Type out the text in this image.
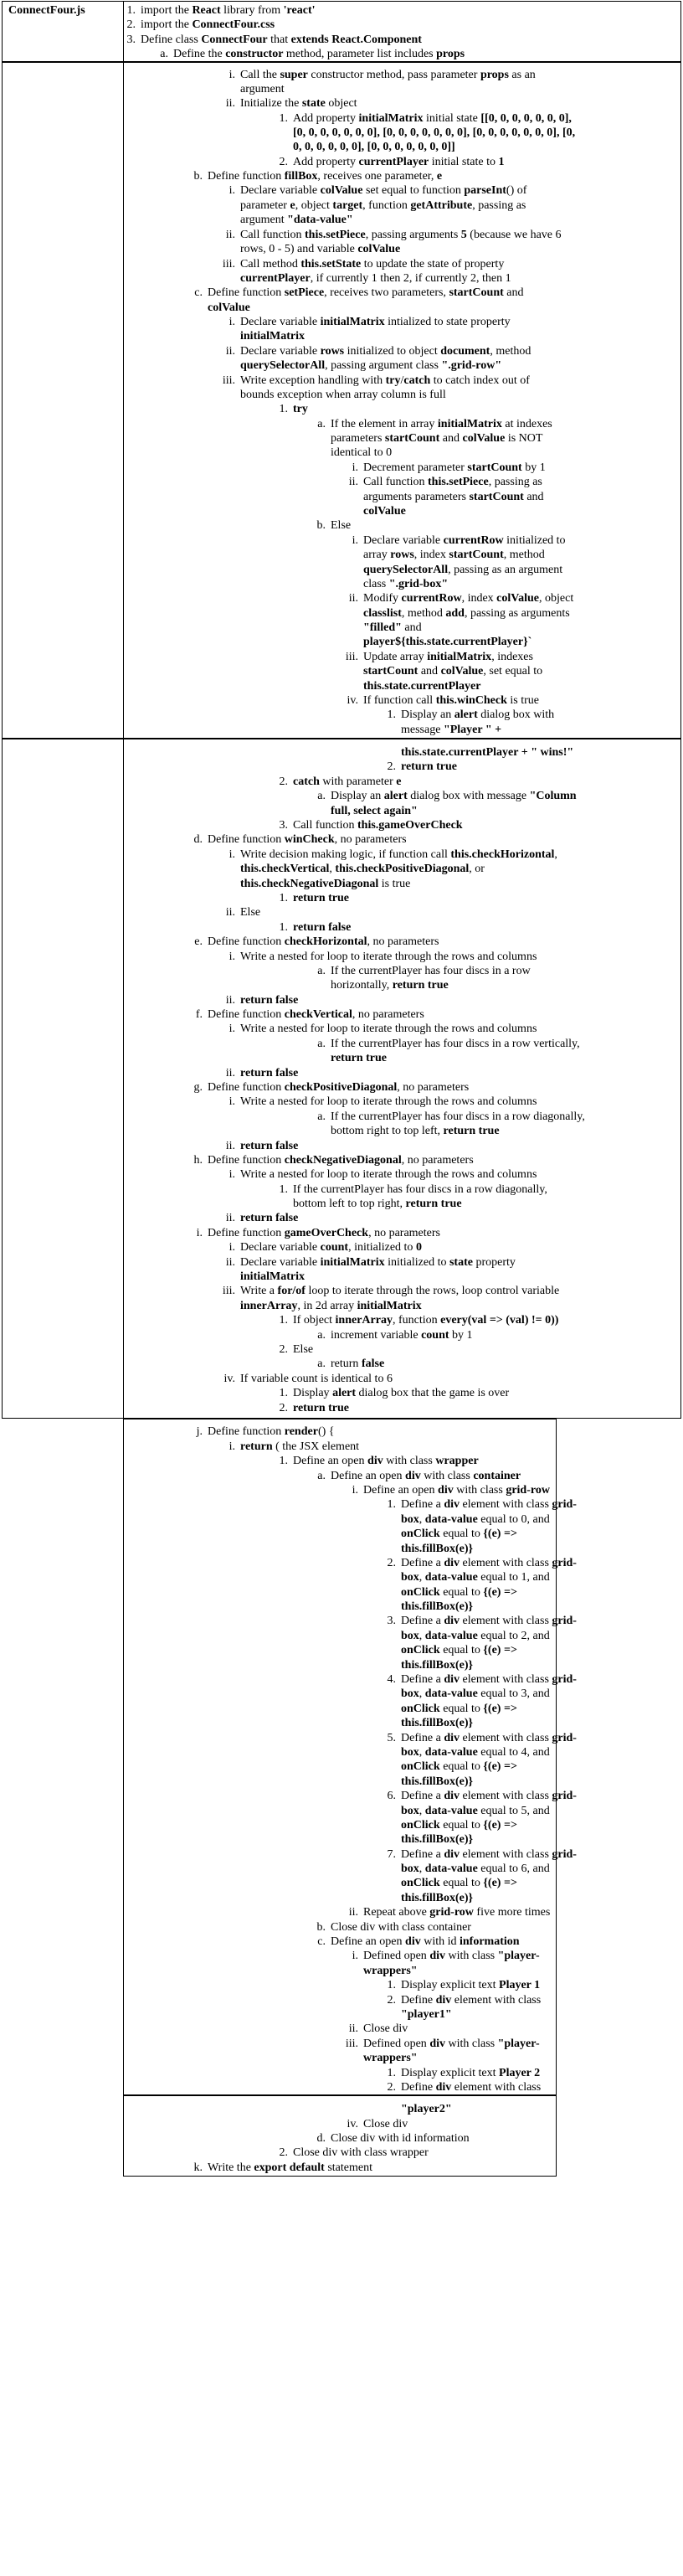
ConnectFour.js	1. import the React library from 'react'
2. import the ConnectFour.css
3. Define class ConnectFour that extends React.Component
a. Define the constructor method, parameter list includes props
i. Call the super constructor method, pass parameter props as an
argument
ii. Initialize the state object
1. Add property initialMatrix initial state [[0, 0, 0, 0, 0, 0, 0],
[0, 0, 0, 0, 0, 0, 0], [0, 0, 0, 0, 0, 0, 0], [0, 0, 0, 0, 0, 0, 0], [0,
0, 0, 0, 0, 0, 0], [0, 0, 0, 0, 0, 0, 0]]
2. Add property currentPlayer initial state to 1
b. Define function fillBox, receives one parameter, e
i. Declare variable colValue set equal to function parseInt() of
parameter e, object target, function getAttribute, passing as
argument "data-value"
ii. Call function this.setPiece, passing arguments 5 (because we have 6
rows, 0 - 5) and variable colValue
iii. Call method this.setState to update the state of property
currentPlayer, if currently 1 then 2, if currently 2, then 1
c. Define function setPiece, receives two parameters, startCount and
colValue
i. Declare variable initialMatrix intialized to state property
initialMatrix
ii. Declare variable rows initialized to object document, method
querySelectorAll, passing argument class ".grid-row"
iii. Write exception handling with try/catch to catch index out of
bounds exception when array column is full
1. try
a. If the element in array initialMatrix at indexes
parameters startCount and colValue is NOT
identical to 0
i. Decrement parameter startCount by 1
ii. Call function this.setPiece, passing as
arguments parameters startCount and
colValue
b. Else
i. Declare variable currentRow initialized to
array rows, index startCount, method
querySelectorAll, passing as an argument
class ".grid-box"
ii. Modify currentRow, index colValue, object
classlist, method add, passing as arguments
"filled" and
player${this.state.currentPlayer}`
iii. Update array initialMatrix, indexes
startCount and colValue, set equal to
this.state.currentPlayer
iv. If function call this.winCheck is true
1. Display an alert dialog box with
message "Player " +
this.state.currentPlayer + " wins!"
2. return true
2. catch with parameter e
a. Display an alert dialog box with message "Column
full, select again"
3. Call function this.gameOverCheck
d. Define function winCheck, no parameters
i. Write decision making logic, if function call this.checkHorizontal,
this.checkVertical, this.checkPositiveDiagonal, or
this.checkNegativeDiagonal is true
1. return true
ii. Else
1. return false
e. Define function checkHorizontal, no parameters
i. Write a nested for loop to iterate through the rows and columns
a. If the currentPlayer has four discs in a row
horizontally, return true
ii. return false
f. Define function checkVertical, no parameters
i. Write a nested for loop to iterate through the rows and columns
a. If the currentPlayer has four discs in a row vertically,
return true
ii. return false
g. Define function checkPositiveDiagonal, no parameters
i. Write a nested for loop to iterate through the rows and columns
a. If the currentPlayer has four discs in a row diagonally,
bottom right to top left, return true
ii. return false
h. Define function checkNegativeDiagonal, no parameters
i. Write a nested for loop to iterate through the rows and columns
1. If the currentPlayer has four discs in a row diagonally,
bottom left to top right, return true
ii. return false
i. Define function gameOverCheck, no parameters
i. Declare variable count, initialized to 0
ii. Declare variable initialMatrix initialized to state property
initialMatrix
iii. Write a for/of loop to iterate through the rows, loop control variable
innerArray, in 2d array initialMatrix
1. If object innerArray, function every(val => (val) != 0))
a. increment variable count by 1
2. Else
a. return false
iv. If variable count is identical to 6
1. Display alert dialog box that the game is over
2. return true
j. Define function render() {
i. return ( the JSX element
1. Define an open div with class wrapper
a. Define an open div with class container
i. Define an open div with class grid-row
1. Define a div element with class grid-
box, data-value equal to 0, and
onClick equal to {(e) =>
this.fillBox(e)}
2. Define a div element with class grid-
box, data-value equal to 1, and
onClick equal to {(e) =>
this.fillBox(e)}
3. Define a div element with class grid-
box, data-value equal to 2, and
onClick equal to {(e) =>
this.fillBox(e)}
4. Define a div element with class grid-
box, data-value equal to 3, and
onClick equal to {(e) =>
this.fillBox(e)}
5. Define a div element with class grid-
box, data-value equal to 4, and
onClick equal to {(e) =>
this.fillBox(e)}
6. Define a div element with class grid-
box, data-value equal to 5, and
onClick equal to {(e) =>
this.fillBox(e)}
7. Define a div element with class grid-
box, data-value equal to 6, and
onClick equal to {(e) =>
this.fillBox(e)}
ii. Repeat above grid-row five more times
b. Close div with class container
c. Define an open div with id information
i. Defined open div with class "player-
wrappers"
1. Display explicit text Player 1
2. Define div element with class
"player1"
ii. Close div
iii. Defined open div with class "player-
wrappers"
1. Display explicit text Player 2
2. Define div element with class
"player2"
iv. Close div
d. Close div with id information
2. Close div with class wrapper
k. Write the export default statement
